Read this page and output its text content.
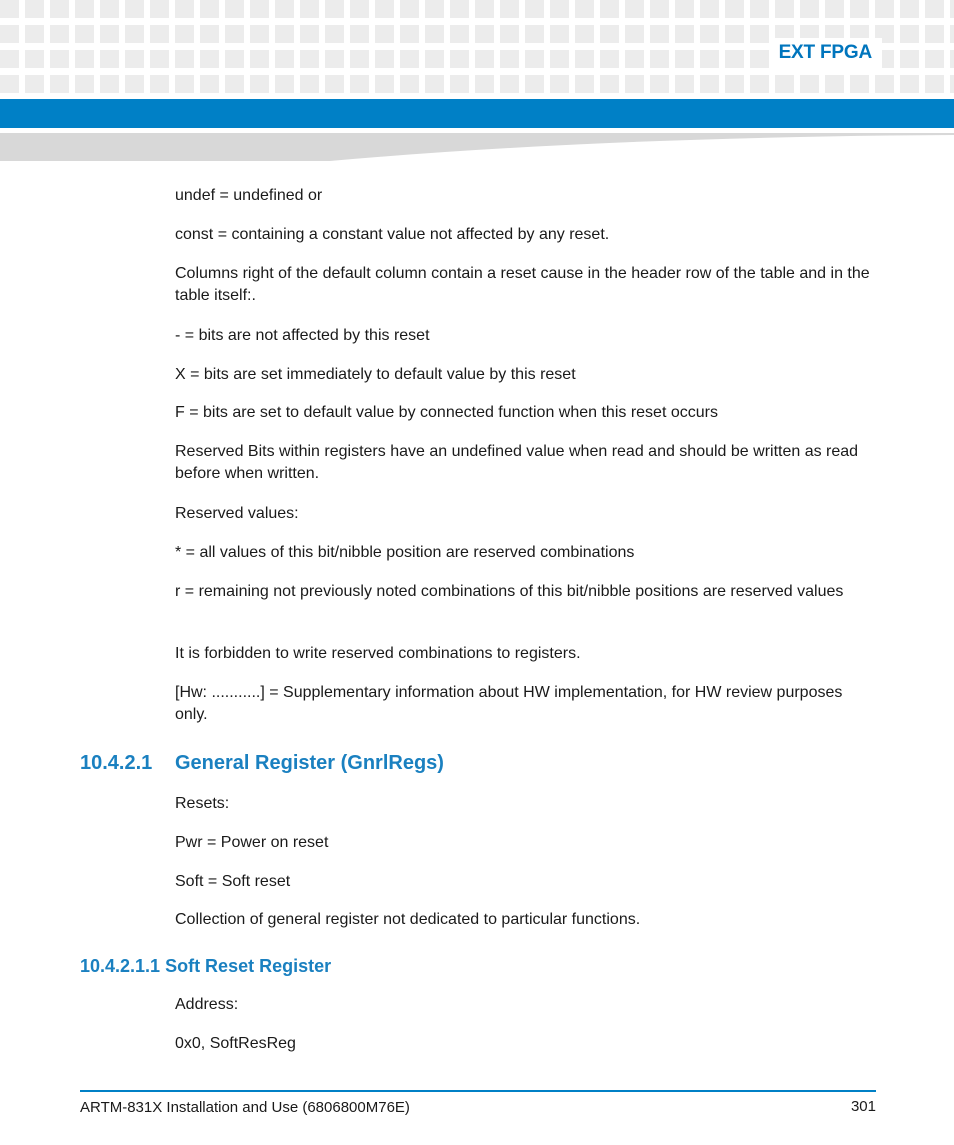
EXT FPGA
undef = undefined or
const = containing a constant value not affected by any reset.
Columns right of the default column contain a reset cause in the header row of the table and in the table itself:.
- = bits are not affected by this reset
X = bits are set immediately to default value by this reset
F = bits are set to default value by connected function when this reset occurs
Reserved Bits within registers have an undefined value when read and should be written as read before when written.
Reserved values:
* = all values of this bit/nibble position are reserved combinations
r = remaining not previously noted combinations of this bit/nibble positions are reserved values
It is forbidden to write reserved combinations to registers.
[Hw: ...........] = Supplementary information about HW implementation, for HW review purposes only.
10.4.2.1 General Register (GnrlRegs)
Resets:
Pwr = Power on reset
Soft = Soft reset
Collection of general register not dedicated to particular functions.
10.4.2.1.1 Soft Reset Register
Address:
0x0, SoftResReg
ARTM-831X Installation and Use (6806800M76E)	301
